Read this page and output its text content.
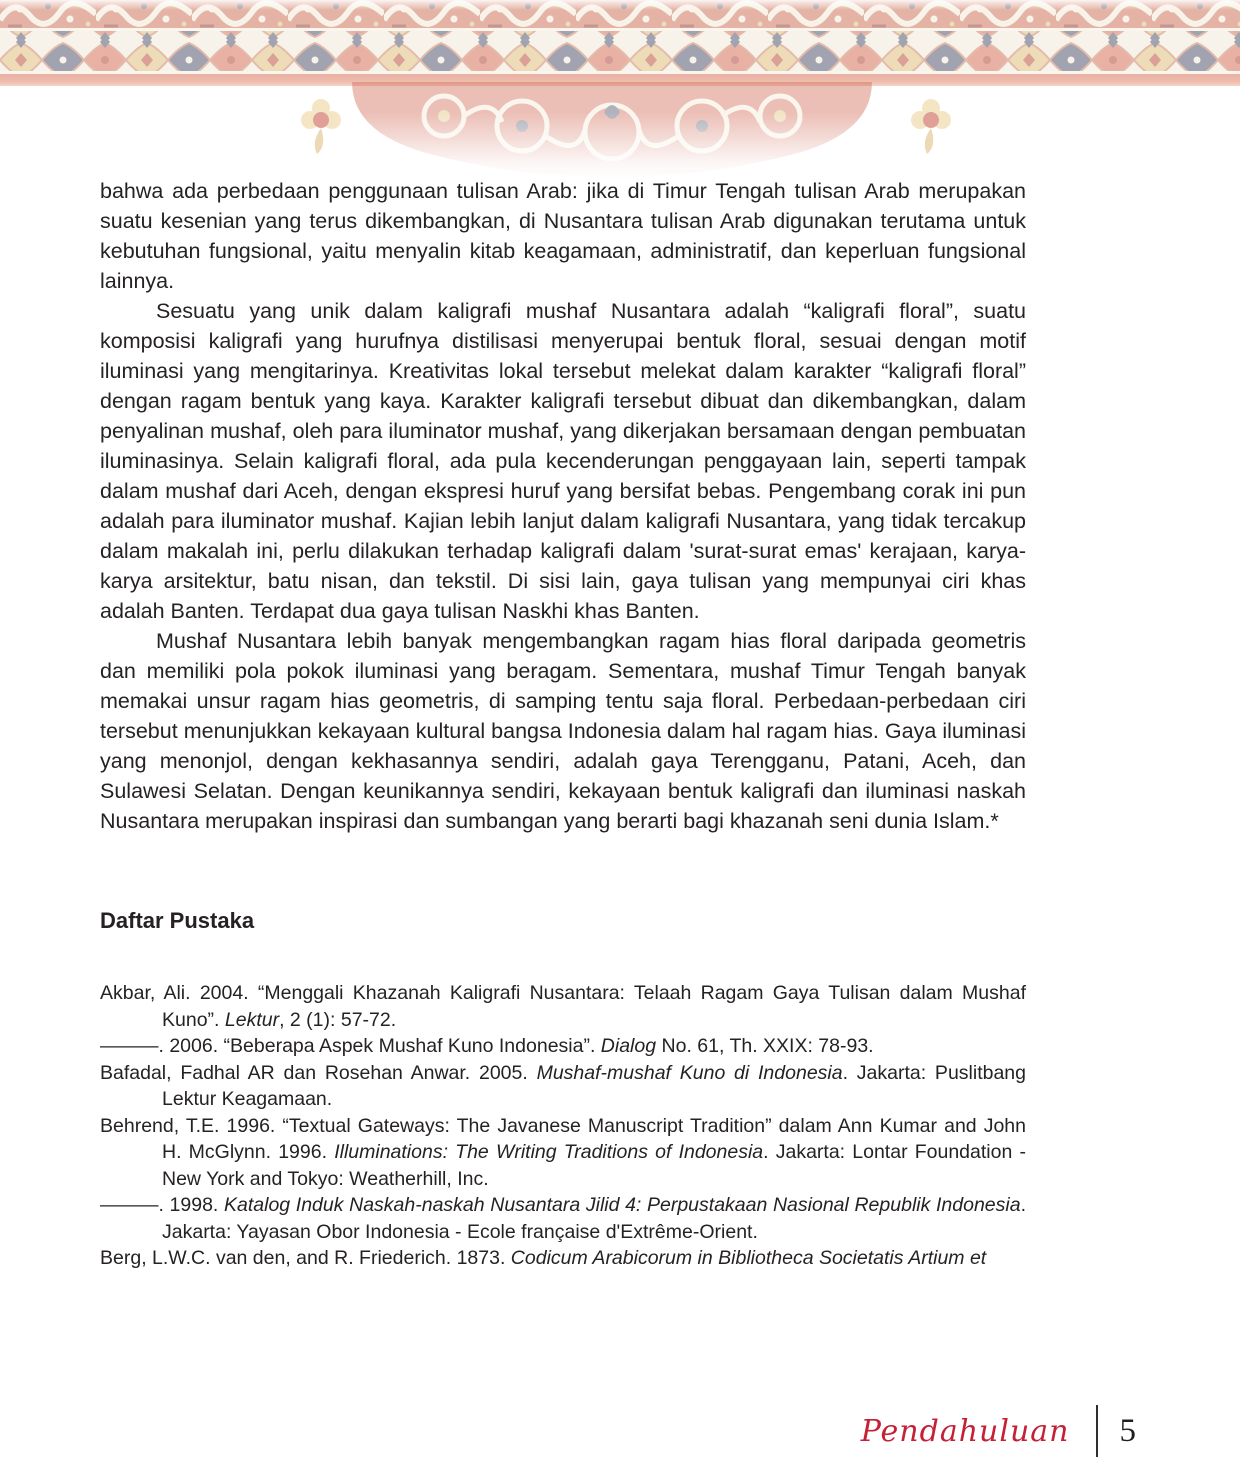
bahwa ada perbedaan penggunaan tulisan Arab: jika di Timur Tengah tulisan Arab merupakan suatu kesenian yang terus dikembangkan, di Nusantara tulisan Arab digunakan terutama untuk kebutuhan fungsional, yaitu menyalin kitab keagamaan, administratif, dan keperluan fungsional lainnya.

Sesuatu yang unik dalam kaligrafi mushaf Nusantara adalah “kaligrafi floral”, suatu komposisi kaligrafi yang hurufnya distilisasi menyerupai bentuk floral, sesuai dengan motif iluminasi yang mengitarinya. Kreativitas lokal tersebut melekat dalam karakter “kaligrafi floral” dengan ragam bentuk yang kaya. Karakter kaligrafi tersebut dibuat dan dikembangkan, dalam penyalinan mushaf, oleh para iluminator mushaf, yang dikerjakan bersamaan dengan pembuatan iluminasinya. Selain kaligrafi floral, ada pula kecenderungan penggayaan lain, seperti tampak dalam mushaf dari Aceh, dengan ekspresi huruf yang bersifat bebas. Pengembang corak ini pun adalah para iluminator mushaf. Kajian lebih lanjut dalam kaligrafi Nusantara, yang tidak tercakup dalam makalah ini, perlu dilakukan terhadap kaligrafi dalam 'surat-surat emas' kerajaan, karya-karya arsitektur, batu nisan, dan tekstil. Di sisi lain, gaya tulisan yang mempunyai ciri khas adalah Banten. Terdapat dua gaya tulisan Naskhi khas Banten.

Mushaf Nusantara lebih banyak mengembangkan ragam hias floral daripada geometris dan memiliki pola pokok iluminasi yang beragam. Sementara, mushaf Timur Tengah banyak memakai unsur ragam hias geometris, di samping tentu saja floral. Perbedaan-perbedaan ciri tersebut menunjukkan kekayaan kultural bangsa Indonesia dalam hal ragam hias. Gaya iluminasi yang menonjol, dengan kekhasannya sendiri, adalah gaya Terengganu, Patani, Aceh, dan Sulawesi Selatan. Dengan keunikannya sendiri, kekayaan bentuk kaligrafi dan iluminasi naskah Nusantara merupakan inspirasi dan sumbangan yang berarti bagi khazanah seni dunia Islam.*

Daftar Pustaka

Akbar, Ali. 2004. “Menggali Khazanah Kaligrafi Nusantara: Telaah Ragam Gaya Tulisan dalam Mushaf Kuno”. Lektur, 2 (1): 57-72.

———. 2006. “Beberapa Aspek Mushaf Kuno Indonesia”. Dialog No. 61, Th. XXIX: 78-93.

Bafadal, Fadhal AR dan Rosehan Anwar. 2005. Mushaf-mushaf Kuno di Indonesia. Jakarta: Puslitbang Lektur Keagamaan.

Behrend, T.E. 1996. “Textual Gateways: The Javanese Manuscript Tradition” dalam Ann Kumar and John H. McGlynn. 1996. Illuminations: The Writing Traditions of Indonesia. Jakarta: Lontar Foundation - New York and Tokyo: Weatherhill, Inc.

———. 1998. Katalog Induk Naskah-naskah Nusantara Jilid 4: Perpustakaan Nasional Republik Indonesia. Jakarta: Yayasan Obor Indonesia - Ecole française d'Extrême-Orient.

Berg, L.W.C. van den, and R. Friederich. 1873. Codicum Arabicorum in Bibliotheca Societatis Artium et

Pendahuluan 5
